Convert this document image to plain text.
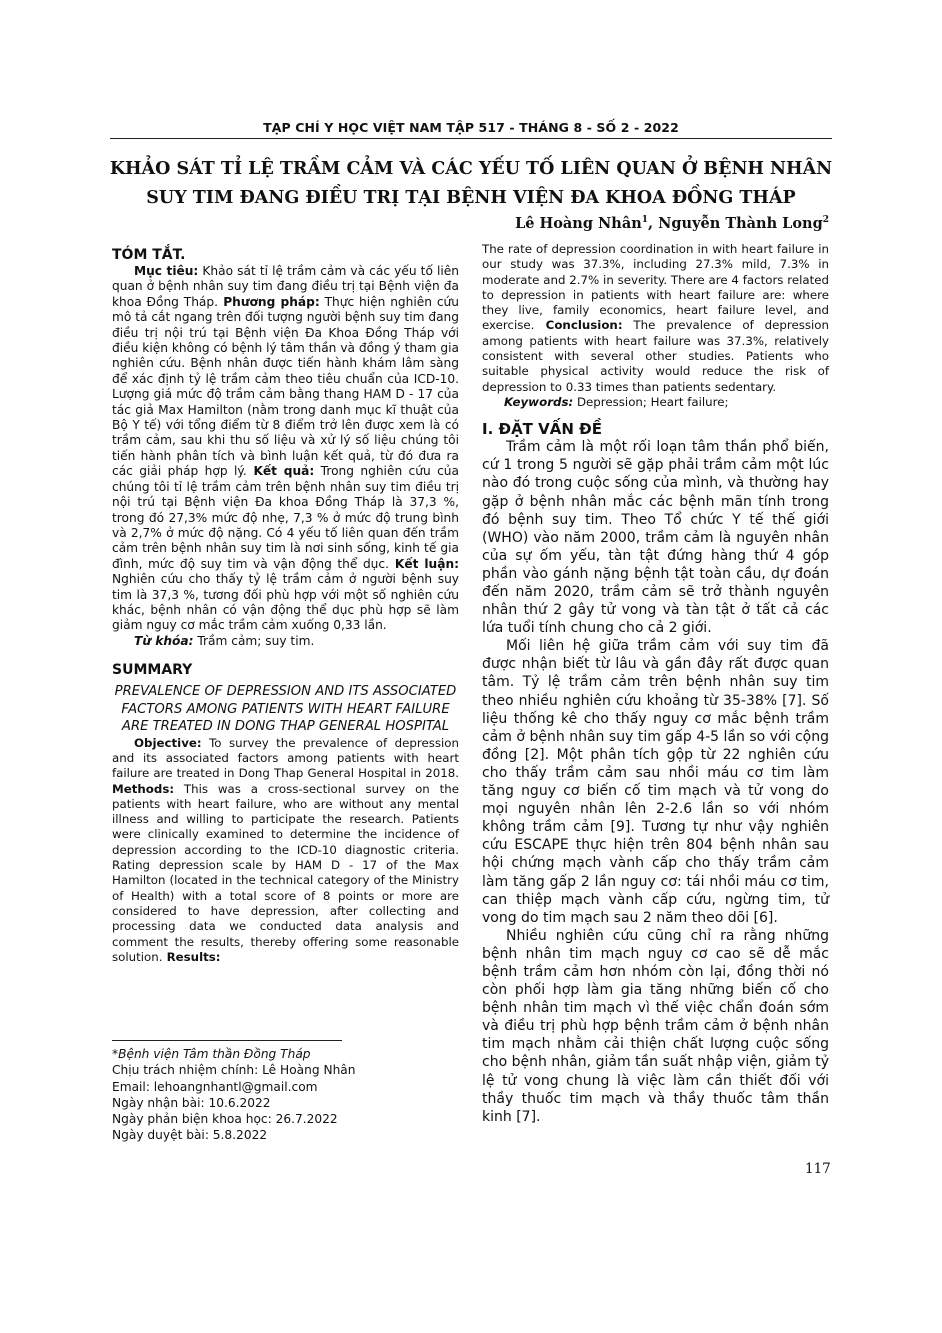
TẠP CHÍ Y HỌC VIỆT NAM TẬP 517 - THÁNG 8 - SỐ 2 - 2022
KHẢO SÁT TỈ LỆ TRẦM CẢM VÀ CÁC YẾU TỐ LIÊN QUAN Ở BỆNH NHÂN
SUY TIM ĐANG ĐIỀU TRỊ TẠI BỆNH VIỆN ĐA KHOA ĐỒNG THÁP
Lê Hoàng Nhân$^1$, Nguyễn Thành Long$^2$
TÓM TẮT.

Mục tiêu: Khảo sát tỉ lệ trầm cảm và các yếu tố liên quan ở bệnh nhân suy tim đang điều trị tại Bệnh viện đa khoa Đồng Tháp. Phương pháp: Thực hiện nghiên cứu mô tả cắt ngang trên đối tượng người bệnh suy tim đang điều trị nội trú tại Bệnh viện Đa Khoa Đồng Tháp với điều kiện không có bệnh lý tâm thần và đồng ý tham gia nghiên cứu. Bệnh nhân được tiến hành khám lâm sàng để xác định tỷ lệ trầm cảm theo tiêu chuẩn của ICD-10. Lượng giá mức độ trầm cảm bằng thang HAM D - 17 của tác giả Max Hamilton (nằm trong danh mục kĩ thuật của Bộ Y tế) với tổng điểm từ 8 điểm trở lên được xem là có trầm cảm, sau khi thu số liệu và xử lý số liệu chúng tôi tiến hành phân tích và bình luận kết quả, từ đó đưa ra các giải pháp hợp lý. Kết quả: Trong nghiên cứu của chúng tôi tỉ lệ trầm cảm trên bệnh nhân suy tim điều trị nội trú tại Bệnh viện Đa khoa Đồng Tháp là 37,3 %, trong đó 27,3% mức độ nhẹ, 7,3 % ở mức độ trung bình và 2,7% ở mức độ nặng. Có 4 yếu tố liên quan đến trầm cảm trên bệnh nhân suy tim là nơi sinh sống, kinh tế gia đình, mức độ suy tim và vận động thể dục. Kết luận: Nghiên cứu cho thấy tỷ lệ trầm cảm ở người bệnh suy tim là 37,3 %, tương đối phù hợp với một số nghiên cứu khác, bệnh nhân có vận động thể dục phù hợp sẽ làm giảm nguy cơ mắc trầm cảm xuống 0,33 lần.

Từ khóa: Trầm cảm; suy tim.

SUMMARY
PREVALENCE OF DEPRESSION AND ITS ASSOCIATED FACTORS AMONG PATIENTS WITH HEART FAILURE ARE TREATED IN DONG THAP GENERAL HOSPITAL

Objective: To survey the prevalence of depression and its associated factors among patients with heart failure are treated in Dong Thap General Hospital in 2018. Methods: This was a cross-sectional survey on the patients with heart failure, who are without any mental illness and willing to participate the research. Patients were clinically examined to determine the incidence of depression according to the ICD-10 diagnostic criteria. Rating depression scale by HAM D - 17 of the Max Hamilton (located in the technical category of the Ministry of Health) with a total score of 8 points or more are considered to have depression, after collecting and processing data we conducted data analysis and comment the results, thereby offering some reasonable solution. Results:

*Bệnh viện Tâm thần Đồng Tháp
Chịu trách nhiệm chính: Lê Hoàng Nhân
Email: lehoangnhantl@gmail.com
Ngày nhận bài: 10.6.2022
Ngày phản biện khoa học: 26.7.2022
Ngày duyệt bài: 5.8.2022
The rate of depression coordination in with heart failure in our study was 37.3%, including 27.3% mild, 7.3% in moderate and 2.7% in severity. There are 4 factors related to depression in patients with heart failure are: where they live, family economics, heart failure level, and exercise. Conclusion: The prevalence of depression among patients with heart failure was 37.3%, relatively consistent with several other studies. Patients who suitable physical activity would reduce the risk of depression to 0.33 times than patients sedentary.

Keywords: Depression; Heart failure;

I. ĐẶT VẤN ĐỀ

Trầm cảm là một rối loạn tâm thần phổ biến, cứ 1 trong 5 người sẽ gặp phải trầm cảm một lúc nào đó trong cuộc sống của mình, và thường hay gặp ở bệnh nhân mắc các bệnh mãn tính trong đó bệnh suy tim. Theo Tổ chức Y tế thế giới (WHO) vào năm 2000, trầm cảm là nguyên nhân của sự ốm yếu, tàn tật đứng hàng thứ 4 góp phần vào gánh nặng bệnh tật toàn cầu, dự đoán đến năm 2020, trầm cảm sẽ trở thành nguyên nhân thứ 2 gây tử vong và tàn tật ở tất cả các lứa tuổi tính chung cho cả 2 giới.

Mối liên hệ giữa trầm cảm với suy tim đã được nhận biết từ lâu và gần đây rất được quan tâm. Tỷ lệ trầm cảm trên bệnh nhân suy tim theo nhiều nghiên cứu khoảng từ 35-38% [7]. Số liệu thống kê cho thấy nguy cơ mắc bệnh trầm cảm ở bệnh nhân suy tim gấp 4-5 lần so với cộng đồng [2]. Một phân tích gộp từ 22 nghiên cứu cho thấy trầm cảm sau nhồi máu cơ tim làm tăng nguy cơ biến cố tim mạch và tử vong do mọi nguyên nhân lên 2-2.6 lần so với nhóm không trầm cảm [9]. Tương tự như vậy nghiên cứu ESCAPE thực hiện trên 804 bệnh nhân sau hội chứng mạch vành cấp cho thấy trầm cảm làm tăng gấp 2 lần nguy cơ: tái nhồi máu cơ tim, can thiệp mạch vành cấp cứu, ngừng tim, tử vong do tim mạch sau 2 năm theo dõi [6].

Nhiều nghiên cứu cũng chỉ ra rằng những bệnh nhân tim mạch nguy cơ cao sẽ dễ mắc bệnh trầm cảm hơn nhóm còn lại, đồng thời nó còn phối hợp làm gia tăng những biến cố cho bệnh nhân tim mạch vì thế việc chẩn đoán sớm và điều trị phù hợp bệnh trầm cảm ở bệnh nhân tim mạch nhằm cải thiện chất lượng cuộc sống cho bệnh nhân, giảm tần suất nhập viện, giảm tỷ lệ tử vong chung là việc làm cần thiết đối với thầy thuốc tim mạch và thầy thuốc tâm thần kinh [7].

117
